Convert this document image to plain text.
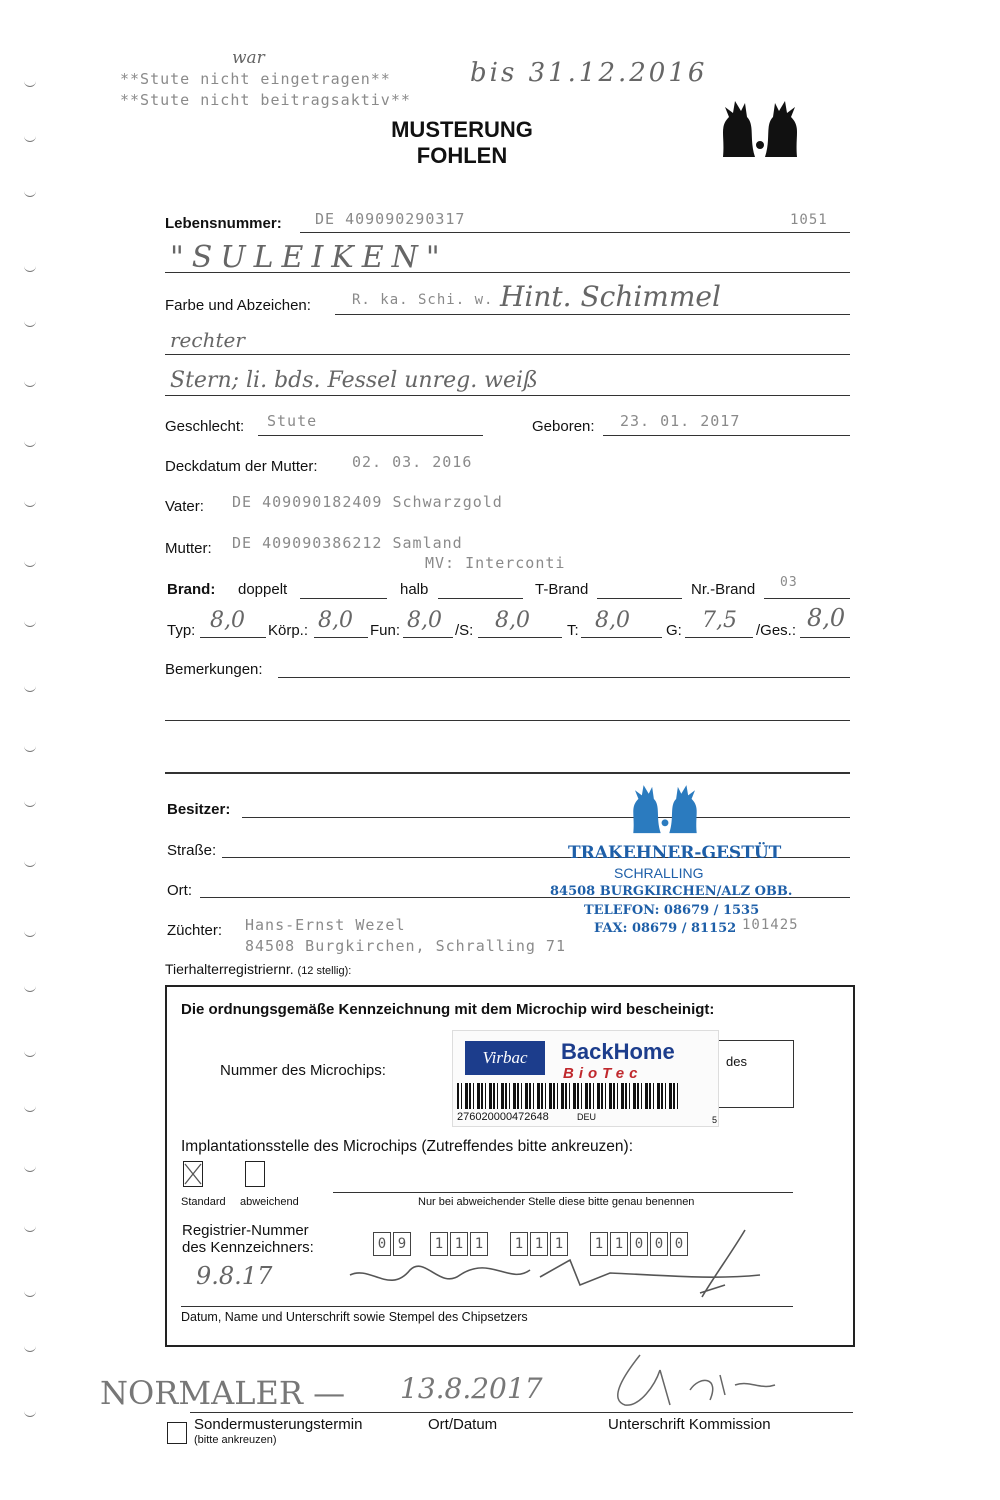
**Stute nicht eingetragen**
**Stute nicht beitragsaktiv**
war	bis 31.12.2016
MUSTERUNG
FOHLEN
Lebensnummer: DE 409090290317	1051
"SULEIKEN"
Farbe und Abzeichen:	R. ka. Schi. w. Hint. Schimmel
rechter
Stern; li. bds. Fessel unreg. weiß
Geschlecht: Stute	Geboren: 23. 01. 2017
Deckdatum der Mutter: 02. 03. 2016
Vater: DE 409090182409 Schwarzgold
Mutter: DE 409090386212 Samland
MV: Interconti
Brand: doppelt	halb	T-Brand	Nr.-Brand 03
Typ: 8,0 Körp.: 8,0 Fun: 8,0 /S: 8,0 T: 8,0 G: 7,5 /Ges.: 8,0
Bemerkungen:
Besitzer:
Straße:
Ort:
Züchter: Hans-Ernst Wezel
84508 Burgkirchen, Schralling 71
101425
Tierhalterregistriernr. (12 stellig):
TRAKEHNER-GESTÜT
SCHRALLING
84508 BURGKIRCHEN/ALZ OBB.
TELEFON: 08679 / 1535
FAX: 08679 / 81152
Die ordnungsgemäße Kennzeichnung mit dem Microchip wird bescheinigt:
Nummer des Microchips:
des
Virbac	BackHome
BioTec
276020000472648	DEU	5
Implantationsstelle des Microchips (Zutreffendes bitte ankreuzen):
Standard abweichend	Nur bei abweichender Stelle diese bitte genau benennen
Registrier-Nummer
des Kennzeichners:	0 9	1 1 1	1 1 1	1 1 0 0 0
9.8.17
Datum, Name und Unterschrift sowie Stempel des Chipsetzers
NORMALER — 13.8.2017
Sondermusterungstermin
(bitte ankreuzen)
Ort/Datum	Unterschrift Kommission
